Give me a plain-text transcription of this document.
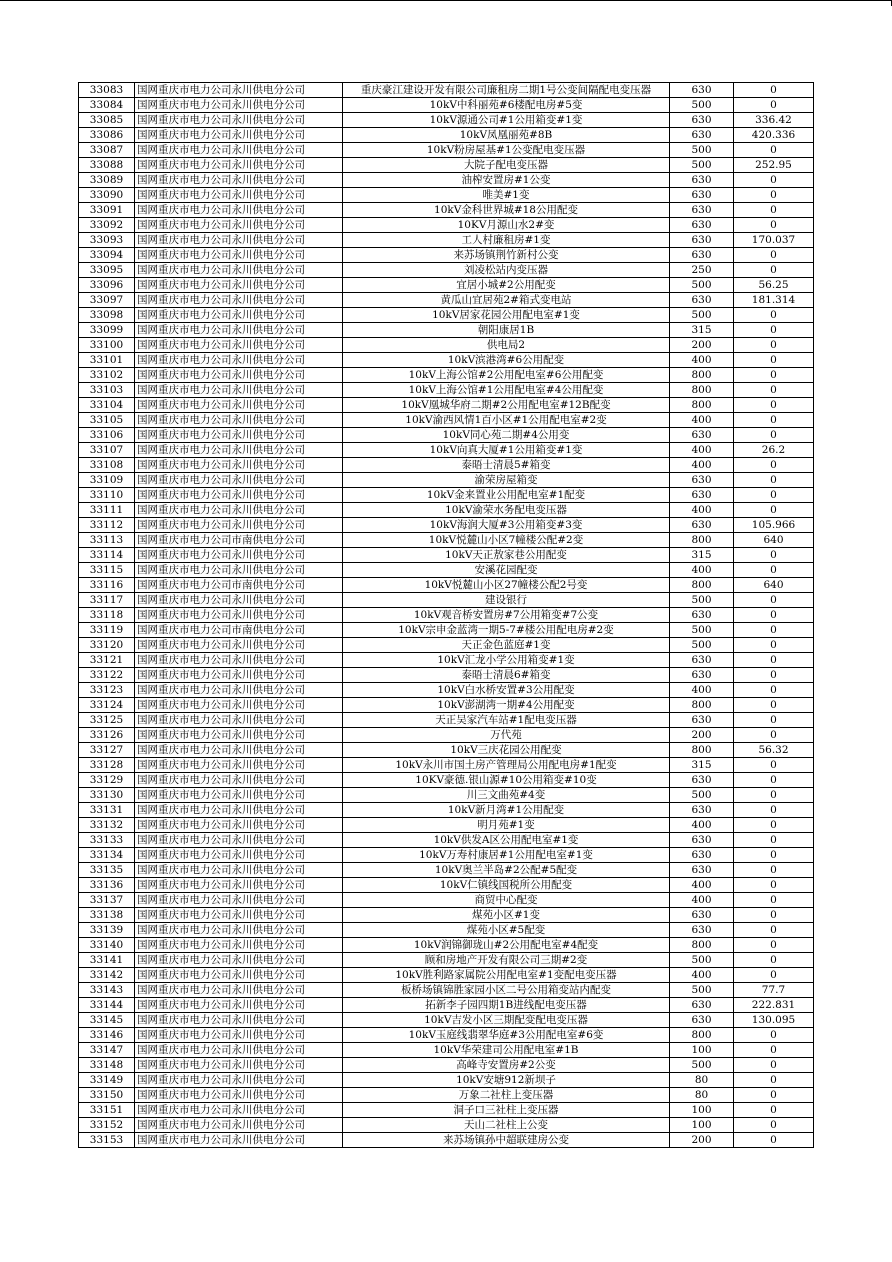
33083	国网重庆市电力公司永川供电分公司	重庆豪江建设开发有限公司廉租房二期1号公变间隔配电变压器	630	0
33084	国网重庆市电力公司永川供电分公司	10kV中科丽苑#6楼配电房#5变	500	0
33085	国网重庆市电力公司永川供电分公司	10kV源通公司#1公用箱变#1变	630	336.42
33086	国网重庆市电力公司永川供电分公司	10kV凤凰丽苑#8B	630	420.336
33087	国网重庆市电力公司永川供电分公司	10kV粉房屋基#1公变配电变压器	500	0
33088	国网重庆市电力公司永川供电分公司	大院子配电变压器	500	252.95
33089	国网重庆市电力公司永川供电分公司	油榨安置房#1公变	630	0
33090	国网重庆市电力公司永川供电分公司	唯美#1变	630	0
33091	国网重庆市电力公司永川供电分公司	10kV金科世界城#18公用配变	630	0
33092	国网重庆市电力公司永川供电分公司	10KV月源山水2#变	630	0
33093	国网重庆市电力公司永川供电分公司	工人村廉租房#1变	630	170.037
33094	国网重庆市电力公司永川供电分公司	来苏场镇荆竹新村公变	630	0
33095	国网重庆市电力公司永川供电分公司	刘凌松站内变压器	250	0
33096	国网重庆市电力公司永川供电分公司	宜居小城#2公用配变	500	56.25
33097	国网重庆市电力公司永川供电分公司	黄瓜山宜居苑2#箱式变电站	630	181.314
33098	国网重庆市电力公司永川供电分公司	10kV居家花园公用配电室#1变	500	0
33099	国网重庆市电力公司永川供电分公司	朝阳康居1B	315	0
33100	国网重庆市电力公司永川供电分公司	供电局2	200	0
33101	国网重庆市电力公司永川供电分公司	10kV滨港湾#6公用配变	400	0
33102	国网重庆市电力公司永川供电分公司	10kV上海公馆#2公用配电室#6公用配变	800	0
33103	国网重庆市电力公司永川供电分公司	10kV上海公馆#1公用配电室#4公用配变	800	0
33104	国网重庆市电力公司永川供电分公司	10kV凰城华府二期#2公用配电室#12B配变	800	0
33105	国网重庆市电力公司永川供电分公司	10kV渝西风情1百小区#1公用配电室#2变	400	0
33106	国网重庆市电力公司永川供电分公司	10kV同心苑二期#4公用变	630	0
33107	国网重庆市电力公司永川供电分公司	10kV向真大厦#1公用箱变#1变	400	26.2
33108	国网重庆市电力公司永川供电分公司	泰晤士清晨5#箱变	400	0
33109	国网重庆市电力公司永川供电分公司	渝荣房屋箱变	630	0
33110	国网重庆市电力公司永川供电分公司	10kV金来置业公用配电室#1配变	630	0
33111	国网重庆市电力公司永川供电分公司	10kV渝荣水务配电变压器	400	0
33112	国网重庆市电力公司永川供电分公司	10kV海润大厦#3公用箱变#3变	630	105.966
33113	国网重庆市电力公司市南供电分公司	10kV悦麓山小区7幢楼公配#2变	800	640
33114	国网重庆市电力公司永川供电分公司	10kV天正敖家巷公用配变	315	0
33115	国网重庆市电力公司永川供电分公司	安溪花园配变	400	0
33116	国网重庆市电力公司市南供电分公司	10kV悦麓山小区27幢楼公配2号变	800	640
33117	国网重庆市电力公司永川供电分公司	建设银行	500	0
33118	国网重庆市电力公司永川供电分公司	10kV观音桥安置房#7公用箱变#7公变	630	0
33119	国网重庆市电力公司市南供电分公司	10kV宗申金蓝湾一期5-7#楼公用配电房#2变	500	0
33120	国网重庆市电力公司永川供电分公司	天正金色蓝庭#1变	500	0
33121	国网重庆市电力公司永川供电分公司	10kV汇龙小学公用箱变#1变	630	0
33122	国网重庆市电力公司永川供电分公司	泰晤士清晨6#箱变	630	0
33123	国网重庆市电力公司永川供电分公司	10kV白水桥安置#3公用配变	400	0
33124	国网重庆市电力公司永川供电分公司	10kV澎湖湾一期#4公用配变	800	0
33125	国网重庆市电力公司永川供电分公司	天正吴家汽车站#1配电变压器	630	0
33126	国网重庆市电力公司永川供电分公司	万代苑	200	0
33127	国网重庆市电力公司永川供电分公司	10kV三庆花园公用配变	800	56.32
33128	国网重庆市电力公司永川供电分公司	10kV永川市国土房产管理局公用配电房#1配变	315	0
33129	国网重庆市电力公司永川供电分公司	10KV豪德.银山源#10公用箱变#10变	630	0
33130	国网重庆市电力公司永川供电分公司	川三文曲苑#4变	500	0
33131	国网重庆市电力公司永川供电分公司	10kV新月湾#1公用配变	630	0
33132	国网重庆市电力公司永川供电分公司	明月苑#1变	400	0
33133	国网重庆市电力公司永川供电分公司	10kV供发A区公用配电室#1变	630	0
33134	国网重庆市电力公司永川供电分公司	10kV万寿村康居#1公用配电室#1变	630	0
33135	国网重庆市电力公司永川供电分公司	10kV奥兰半岛#2公配#5配变	630	0
33136	国网重庆市电力公司永川供电分公司	10kV仁镇线国税所公用配变	400	0
33137	国网重庆市电力公司永川供电分公司	商贸中心配变	400	0
33138	国网重庆市电力公司永川供电分公司	煤苑小区#1变	630	0
33139	国网重庆市电力公司永川供电分公司	煤苑小区#5配变	630	0
33140	国网重庆市电力公司永川供电分公司	10kV润锦御珑山#2公用配电室#4配变	800	0
33141	国网重庆市电力公司永川供电分公司	顾和房地产开发有限公司三期#2变	500	0
33142	国网重庆市电力公司永川供电分公司	10kV胜利路家属院公用配电室#1变配电变压器	400	0
33143	国网重庆市电力公司永川供电分公司	板桥场镇锦胜家园小区二号公用箱变站内配变	500	77.7
33144	国网重庆市电力公司永川供电分公司	拓新李子园四期1B进线配电变压器	630	222.831
33145	国网重庆市电力公司永川供电分公司	10kV吉发小区三期配变配电变压器	630	130.095
33146	国网重庆市电力公司永川供电分公司	10kV玉庭线翡翠华庭#3公用配电室#6变	800	0
33147	国网重庆市电力公司永川供电分公司	10kV华荣建司公用配电室#1B	100	0
33148	国网重庆市电力公司永川供电分公司	高峰寺安置房#2公变	500	0
33149	国网重庆市电力公司永川供电分公司	10kV安塘912新坝子	80	0
33150	国网重庆市电力公司永川供电分公司	万象二社柱上变压器	80	0
33151	国网重庆市电力公司永川供电分公司	洞子口三社柱上变压器	100	0
33152	国网重庆市电力公司永川供电分公司	天山二社柱上公变	100	0
33153	国网重庆市电力公司永川供电分公司	来苏场镇孙中超联建房公变	200	0
